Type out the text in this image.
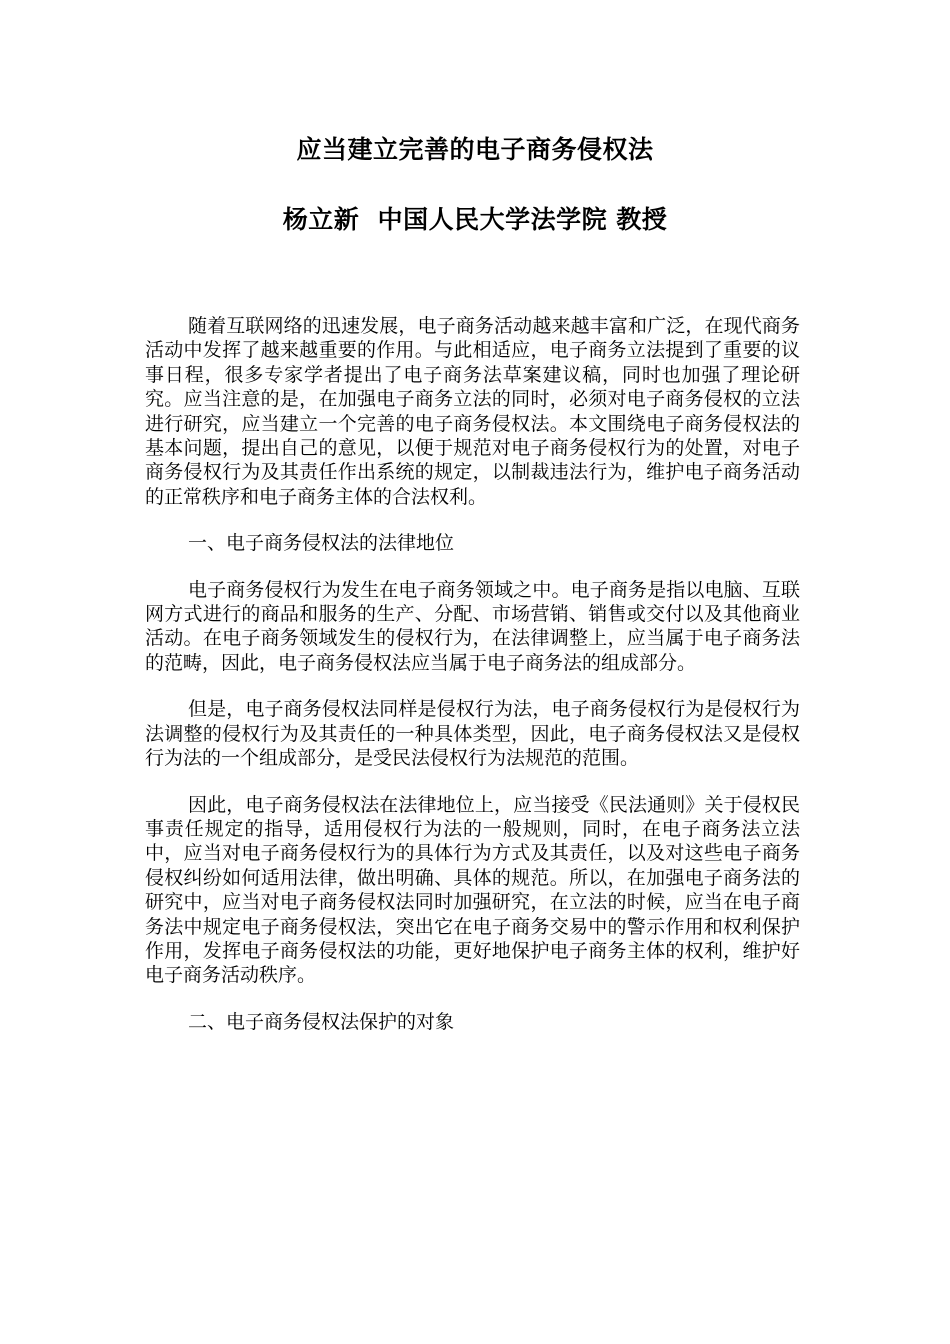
应当建立完善的电子商务侵权法
杨立新  中国人民大学法学院 教授

随着互联网络的迅速发展，电子商务活动越来越丰富和广泛，在现代商务活动中发挥了越来越重要的作用。与此相适应，电子商务立法提到了重要的议事日程，很多专家学者提出了电子商务法草案建议稿，同时也加强了理论研究。应当注意的是，在加强电子商务立法的同时，必须对电子商务侵权的立法进行研究，应当建立一个完善的电子商务侵权法。本文围绕电子商务侵权法的基本问题，提出自己的意见，以便于规范对电子商务侵权行为的处置，对电子商务侵权行为及其责任作出系统的规定，以制裁违法行为，维护电子商务活动的正常秩序和电子商务主体的合法权利。

一、电子商务侵权法的法律地位

电子商务侵权行为发生在电子商务领域之中。电子商务是指以电脑、互联网方式进行的商品和服务的生产、分配、市场营销、销售或交付以及其他商业活动。在电子商务领域发生的侵权行为，在法律调整上，应当属于电子商务法的范畴，因此，电子商务侵权法应当属于电子商务法的组成部分。

但是，电子商务侵权法同样是侵权行为法，电子商务侵权行为是侵权行为法调整的侵权行为及其责任的一种具体类型，因此，电子商务侵权法又是侵权行为法的一个组成部分，是受民法侵权行为法规范的范围。

因此，电子商务侵权法在法律地位上，应当接受《民法通则》关于侵权民事责任规定的指导，适用侵权行为法的一般规则，同时，在电子商务法立法中，应当对电子商务侵权行为的具体行为方式及其责任，以及对这些电子商务侵权纠纷如何适用法律，做出明确、具体的规范。所以，在加强电子商务法的研究中，应当对电子商务侵权法同时加强研究，在立法的时候，应当在电子商务法中规定电子商务侵权法，突出它在电子商务交易中的警示作用和权利保护作用，发挥电子商务侵权法的功能，更好地保护电子商务主体的权利，维护好电子商务活动秩序。

二、电子商务侵权法保护的对象
